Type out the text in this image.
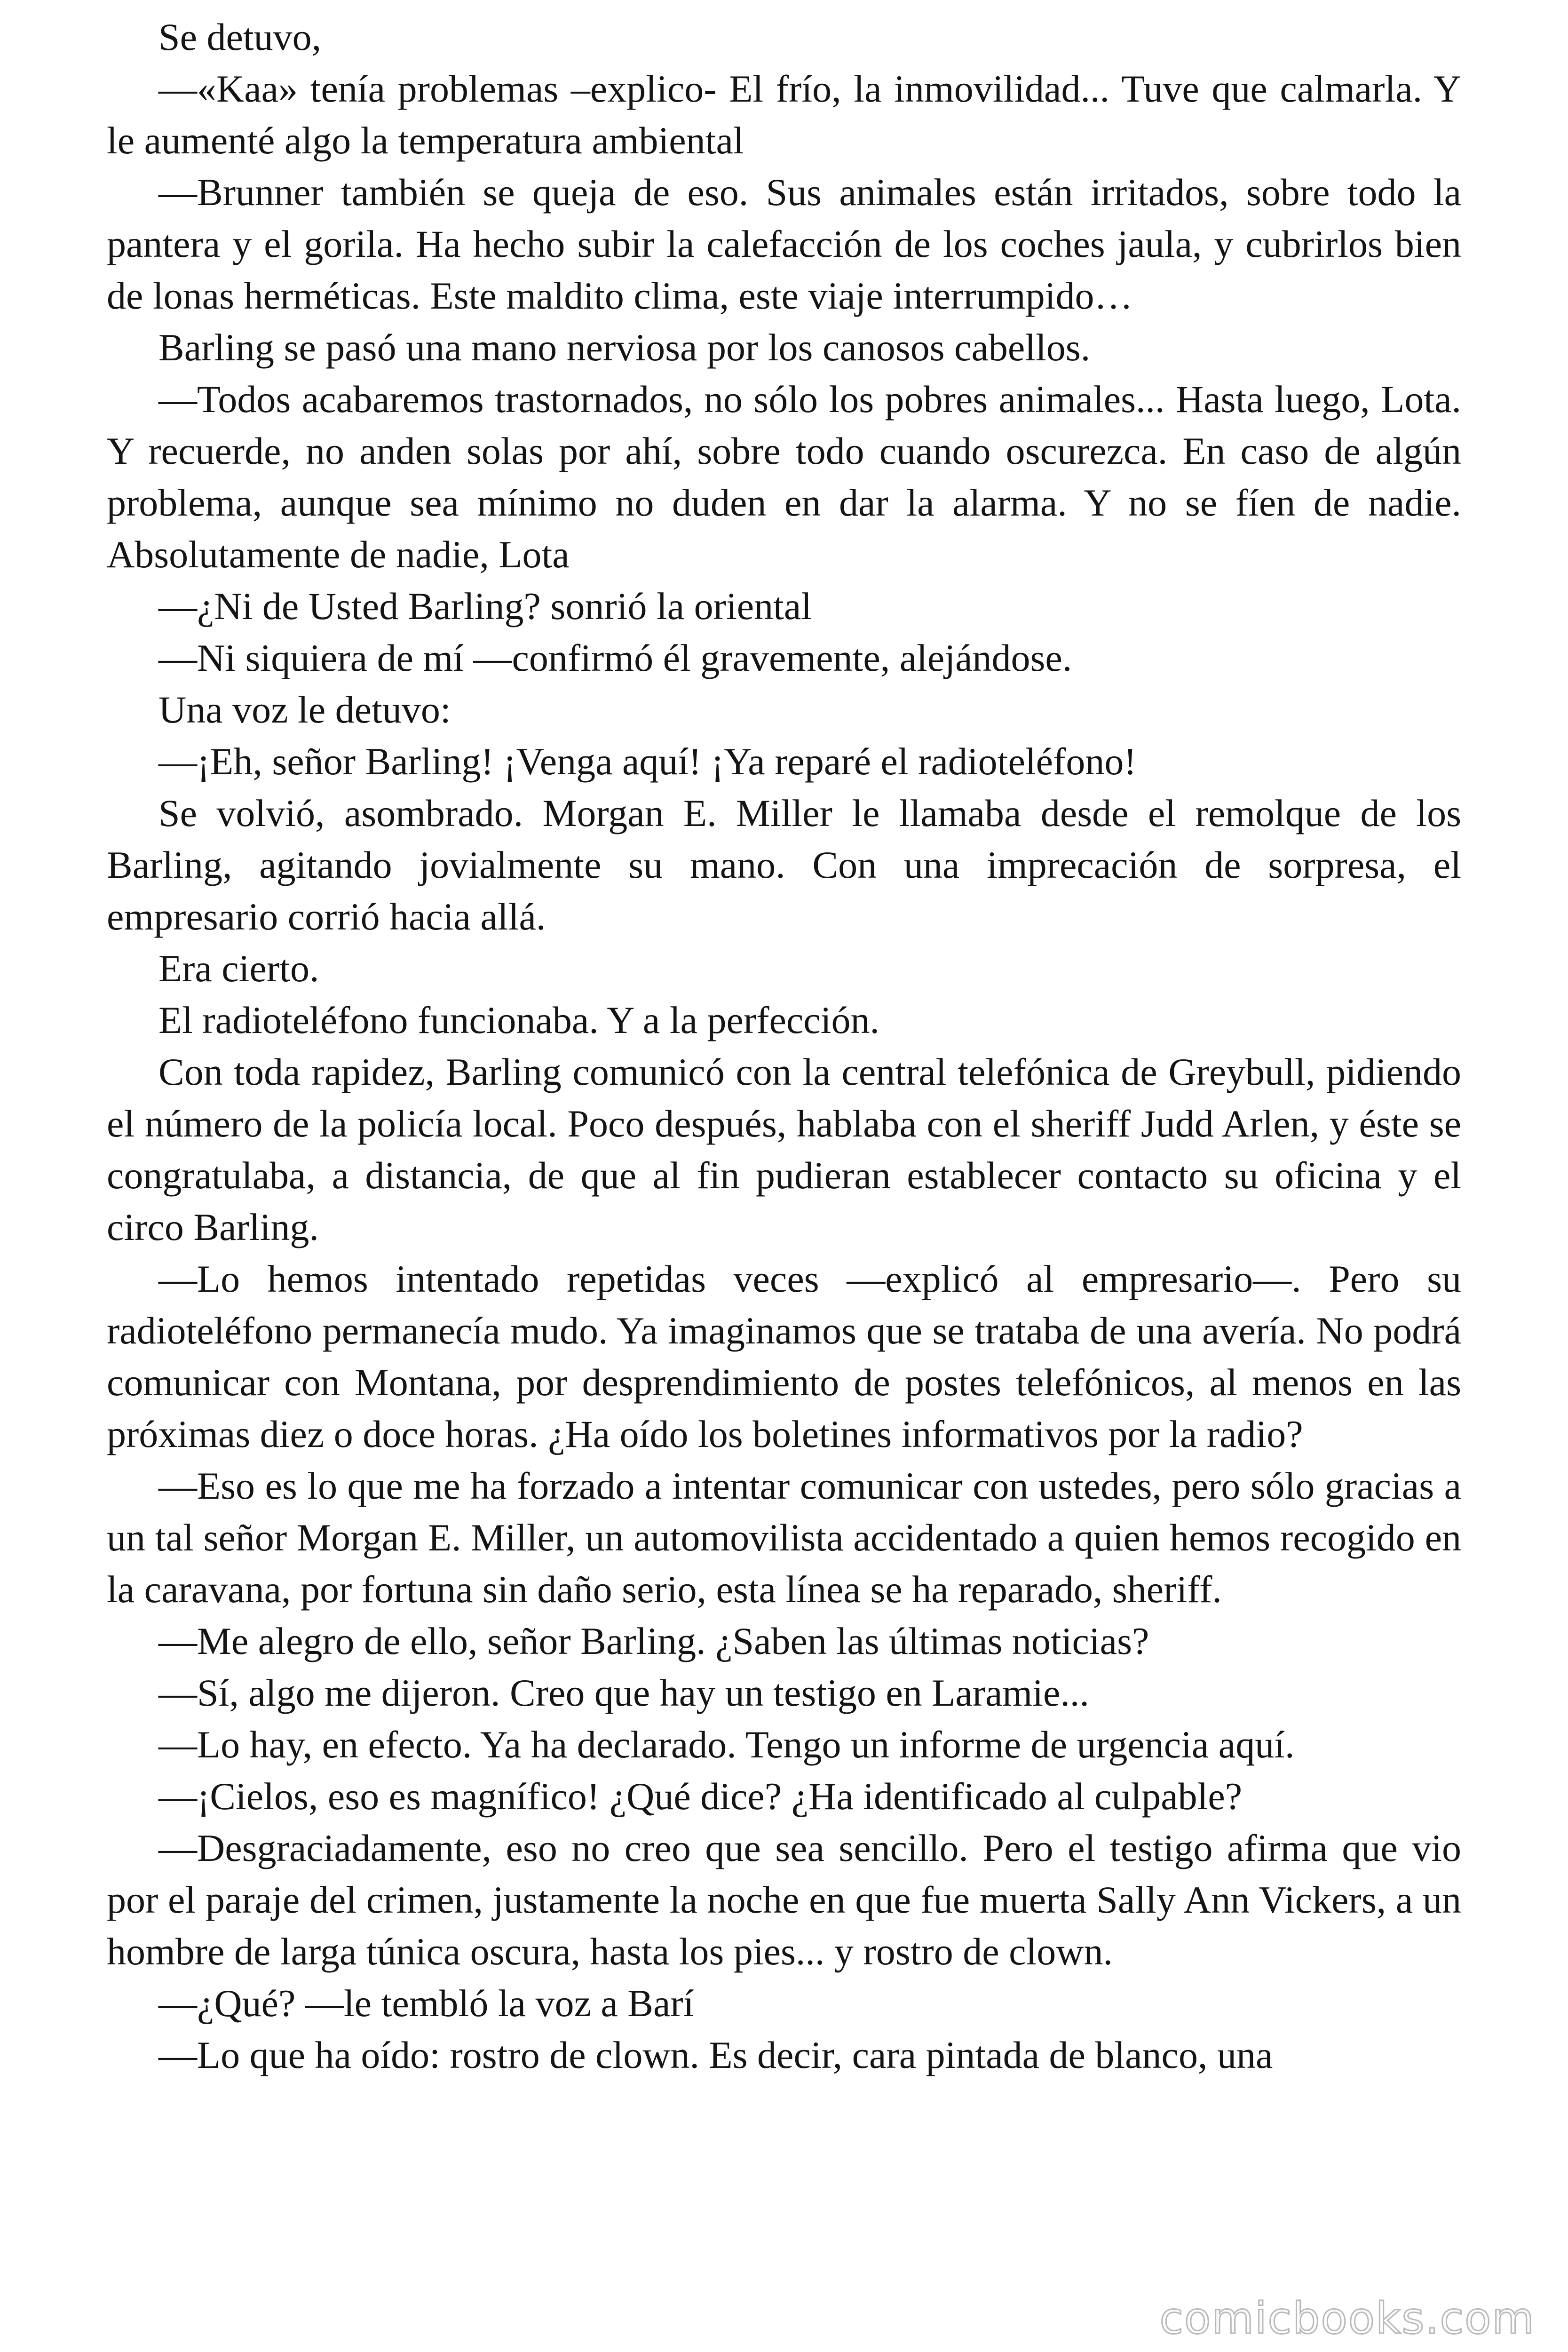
Se detuvo,

—«Kaa» tenía problemas –explico- El frío, la inmovilidad... Tuve que calmarla. Y le aumenté algo la temperatura ambiental

—Brunner también se queja de eso. Sus animales están irritados, sobre todo la pantera y el gorila. Ha hecho subir la calefacción de los coches jaula, y cubrirlos bien de lonas herméticas. Este maldito clima, este viaje interrumpido…

Barling se pasó una mano nerviosa por los canosos cabellos.

—Todos acabaremos trastornados, no sólo los pobres animales... Hasta luego, Lota. Y recuerde, no anden solas por ahí, sobre todo cuando oscurezca. En caso de algún problema, aunque sea mínimo no duden en dar la alarma. Y no se fíen de nadie. Absolutamente de nadie, Lota

—¿Ni de Usted Barling? sonrió la oriental

—Ni siquiera de mí —confirmó él gravemente, alejándose.

Una voz le detuvo:

—¡Eh, señor Barling! ¡Venga aquí! ¡Ya reparé el radioteléfono!

Se volvió, asombrado. Morgan E. Miller le llamaba desde el remolque de los Barling, agitando jovialmente su mano. Con una imprecación de sorpresa, el empresario corrió hacia allá.

Era cierto.

El radioteléfono funcionaba. Y a la perfección.

Con toda rapidez, Barling comunicó con la central telefónica de Greybull, pidiendo el número de la policía local. Poco después, hablaba con el sheriff Judd Arlen, y éste se congratulaba, a distancia, de que al fin pudieran establecer contacto su oficina y el circo Barling.

—Lo hemos intentado repetidas veces —explicó al empresario—. Pero su radioteléfono permanecía mudo. Ya imaginamos que se trataba de una avería. No podrá comunicar con Montana, por desprendimiento de postes telefónicos, al menos en las próximas diez o doce horas. ¿Ha oído los boletines informativos por la radio?

—Eso es lo que me ha forzado a intentar comunicar con ustedes, pero sólo gracias a un tal señor Morgan E. Miller, un automovilista accidentado a quien hemos recogido en la caravana, por fortuna sin daño serio, esta línea se ha reparado, sheriff.

—Me alegro de ello, señor Barling. ¿Saben las últimas noticias?

—Sí, algo me dijeron. Creo que hay un testigo en Laramie...

—Lo hay, en efecto. Ya ha declarado. Tengo un informe de urgencia aquí.

—¡Cielos, eso es magnífico! ¿Qué dice? ¿Ha identificado al culpable?

—Desgraciadamente, eso no creo que sea sencillo. Pero el testigo afirma que vio por el paraje del crimen, justamente la noche en que fue muerta Sally Ann Vickers, a un hombre de larga túnica oscura, hasta los pies... y rostro de clown.

—¿Qué? —le tembló la voz a Barí

—Lo que ha oído: rostro de clown. Es decir, cara pintada de blanco, una

comicbooks.com
